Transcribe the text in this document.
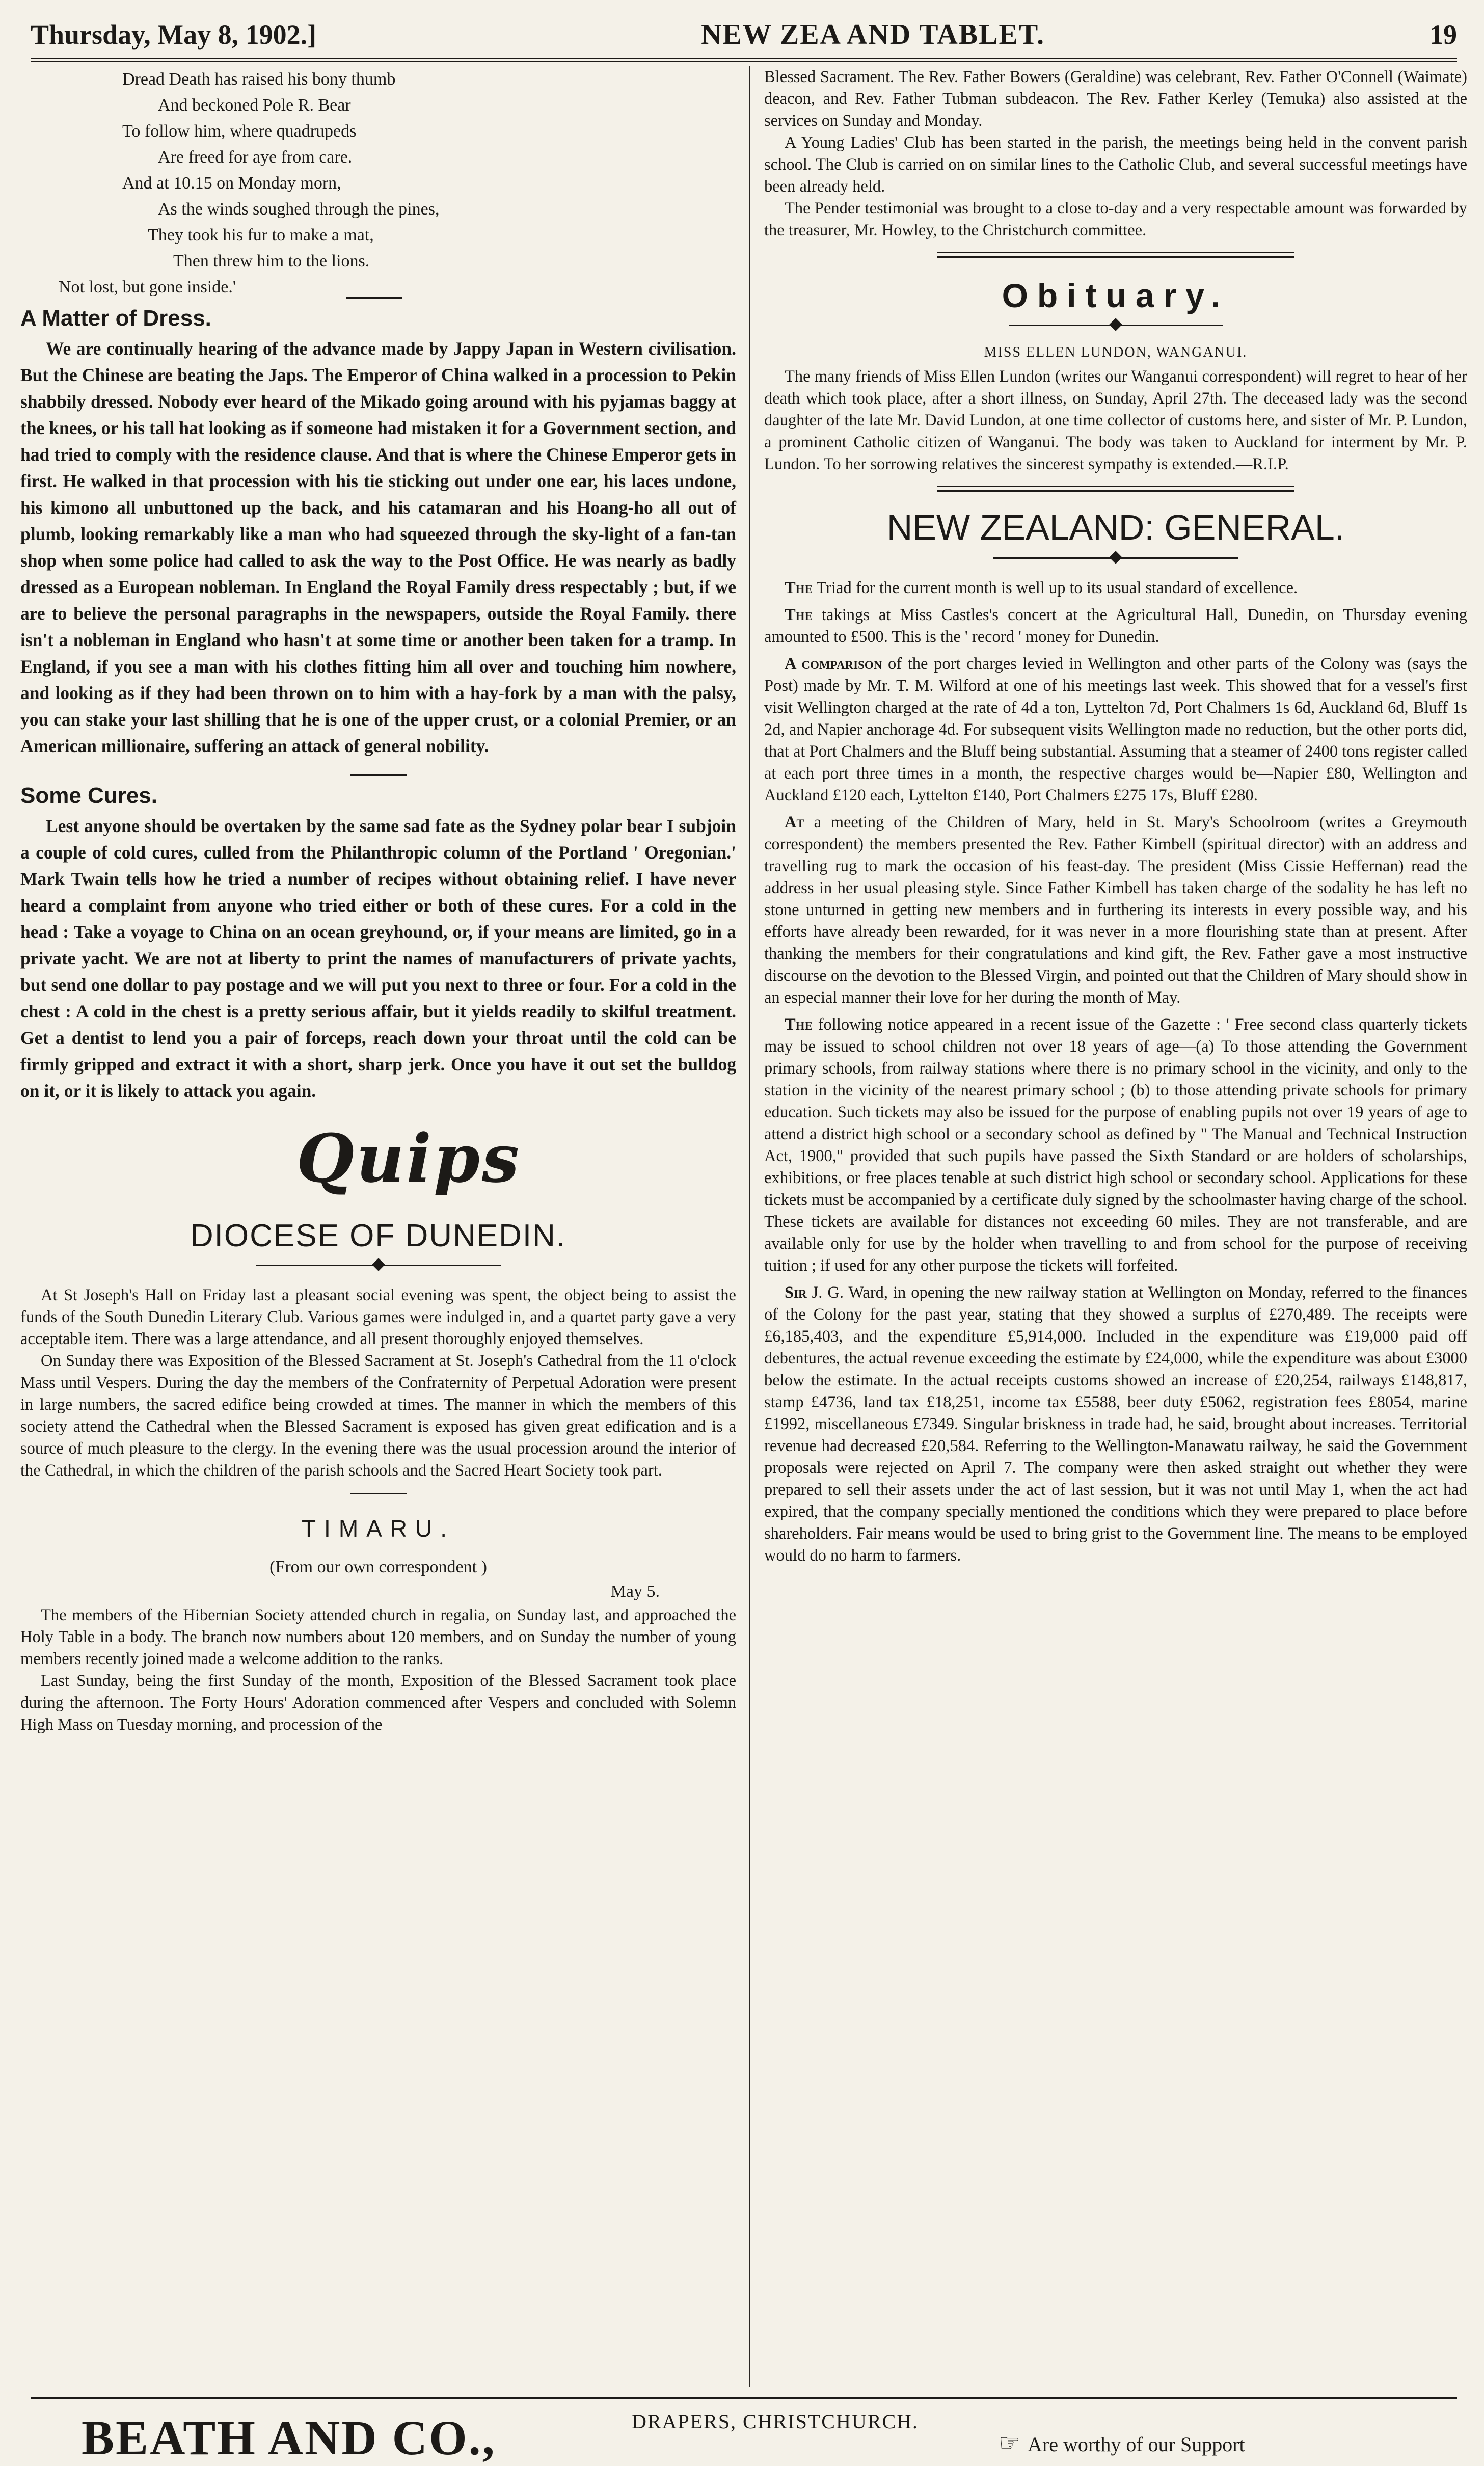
Thursday, May 8, 1902.]	NEW ZEA AND TABLET.	19

Dread Death has raised his bony thumb

And beckoned Pole R. Bear

To follow him, where quadrupeds

Are freed for aye from care.

And at 10.15 on Monday morn,

As the winds soughed through the pines,

They took his fur to make a mat,

Then threw him to the lions.

Not lost, but gone inside.'

A Matter of Dress.

We are continually hearing of the advance made by Jappy Japan in Western civilisation. But the Chinese are beating the Japs. The Emperor of China walked in a procession to Pekin shabbily dressed. Nobody ever heard of the Mikado going around with his pyjamas baggy at the knees, or his tall hat looking as if someone had mistaken it for a Government section, and had tried to comply with the residence clause. And that is where the Chinese Emperor gets in first. He walked in that procession with his tie sticking out under one ear, his laces undone, his kimono all unbuttoned up the back, and his catamaran and his Hoang-ho all out of plumb, looking remarkably like a man who had squeezed through the sky-light of a fan-tan shop when some police had called to ask the way to the Post Office. He was nearly as badly dressed as a European nobleman. In England the Royal Family dress respectably ; but, if we are to believe the personal paragraphs in the newspapers, outside the Royal Family. there isn't a nobleman in England who hasn't at some time or another been taken for a tramp. In England, if you see a man with his clothes fitting him all over and touching him nowhere, and looking as if they had been thrown on to him with a hay-fork by a man with the palsy, you can stake your last shilling that he is one of the upper crust, or a colonial Premier, or an American millionaire, suffering an attack of general nobility.

Some Cures.

Lest anyone should be overtaken by the same sad fate as the Sydney polar bear I subjoin a couple of cold cures, culled from the Philanthropic column of the Portland ' Oregonian.' Mark Twain tells how he tried a number of recipes without obtaining relief. I have never heard a complaint from anyone who tried either or both of these cures. For a cold in the head : Take a voyage to China on an ocean greyhound, or, if your means are limited, go in a private yacht. We are not at liberty to print the names of manufacturers of private yachts, but send one dollar to pay postage and we will put you next to three or four. For a cold in the chest : A cold in the chest is a pretty serious affair, but it yields readily to skilful treatment. Get a dentist to lend you a pair of forceps, reach down your throat until the cold can be firmly gripped and extract it with a short, sharp jerk. Once you have it out set the bulldog on it, or it is likely to attack you again.

Quips
DIOCESE OF DUNEDIN.

At St Joseph's Hall on Friday last a pleasant social evening was spent, the object being to assist the funds of the South Dunedin Literary Club. Various games were indulged in, and a quartet party gave a very acceptable item. There was a large attendance, and all present thoroughly enjoyed themselves.

On Sunday there was Exposition of the Blessed Sacrament at St. Joseph's Cathedral from the 11 o'clock Mass until Vespers. During the day the members of the Confraternity of Perpetual Adoration were present in large numbers, the sacred edifice being crowded at times. The manner in which the members of this society attend the Cathedral when the Blessed Sacrament is exposed has given great edification and is a source of much pleasure to the clergy. In the evening there was the usual procession around the interior of the Cathedral, in which the children of the parish schools and the Sacred Heart Society took part.

TIMARU.
(From our own correspondent )
May 5.

The members of the Hibernian Society attended church in regalia, on Sunday last, and approached the Holy Table in a body. The branch now numbers about 120 members, and on Sunday the number of young members recently joined made a welcome addition to the ranks.

Last Sunday, being the first Sunday of the month, Exposition of the Blessed Sacrament took place during the afternoon. The Forty Hours' Adoration commenced after Vespers and concluded with Solemn High Mass on Tuesday morning, and procession of the

Blessed Sacrament. The Rev. Father Bowers (Geraldine) was celebrant, Rev. Father O'Connell (Waimate) deacon, and Rev. Father Tubman subdeacon. The Rev. Father Kerley (Temuka) also assisted at the services on Sunday and Monday.

A Young Ladies' Club has been started in the parish, the meetings being held in the convent parish school. The Club is carried on on similar lines to the Catholic Club, and several successful meetings have been already held.

The Pender testimonial was brought to a close to-day and a very respectable amount was forwarded by the treasurer, Mr. Howley, to the Christchurch committee.

Obituary.
MISS ELLEN LUNDON, WANGANUI.

The many friends of Miss Ellen Lundon (writes our Wanganui correspondent) will regret to hear of her death which took place, after a short illness, on Sunday, April 27th. The deceased lady was the second daughter of the late Mr. David Lundon, at one time collector of customs here, and sister of Mr. P. Lundon, a prominent Catholic citizen of Wanganui. The body was taken to Auckland for interment by Mr. P. Lundon. To her sorrowing relatives the sincerest sympathy is extended.—R.I.P.

NEW ZEALAND: GENERAL.

The Triad for the current month is well up to its usual standard of excellence.

The takings at Miss Castles's concert at the Agricultural Hall, Dunedin, on Thursday evening amounted to £500. This is the ' record ' money for Dunedin.

A comparison of the port charges levied in Wellington and other parts of the Colony was (says the Post) made by Mr. T. M. Wilford at one of his meetings last week. This showed that for a vessel's first visit Wellington charged at the rate of 4d a ton, Lyttelton 7d, Port Chalmers 1s 6d, Auckland 6d, Bluff 1s 2d, and Napier anchorage 4d. For subsequent visits Wellington made no reduction, but the other ports did, that at Port Chalmers and the Bluff being substantial. Assuming that a steamer of 2400 tons register called at each port three times in a month, the respective charges would be—Napier £80, Wellington and Auckland £120 each, Lyttelton £140, Port Chalmers £275 17s, Bluff £280.

At a meeting of the Children of Mary, held in St. Mary's Schoolroom (writes a Greymouth correspondent) the members presented the Rev. Father Kimbell (spiritual director) with an address and travelling rug to mark the occasion of his feast-day. The president (Miss Cissie Heffernan) read the address in her usual pleasing style. Since Father Kimbell has taken charge of the sodality he has left no stone unturned in getting new members and in furthering its interests in every possible way, and his efforts have already been rewarded, for it was never in a more flourishing state than at present. After thanking the members for their congratulations and kind gift, the Rev. Father gave a most instructive discourse on the devotion to the Blessed Virgin, and pointed out that the Children of Mary should show in an especial manner their love for her during the month of May.

The following notice appeared in a recent issue of the Gazette : ' Free second class quarterly tickets may be issued to school children not over 18 years of age—(a) To those attending the Government primary schools, from railway stations where there is no primary school in the vicinity, and only to the station in the vicinity of the nearest primary school ; (b) to those attending private schools for primary education. Such tickets may also be issued for the purpose of enabling pupils not over 19 years of age to attend a district high school or a secondary school as defined by " The Manual and Technical Instruction Act, 1900," provided that such pupils have passed the Sixth Standard or are holders of scholarships, exhibitions, or free places tenable at such district high school or secondary school. Applications for these tickets must be accompanied by a certificate duly signed by the schoolmaster having charge of the school. These tickets are available for distances not exceeding 60 miles. They are not transferable, and are available only for use by the holder when travelling to and from school for the purpose of receiving tuition ; if used for any other purpose the tickets will forfeited.

Sir J. G. Ward, in opening the new railway station at Wellington on Monday, referred to the finances of the Colony for the past year, stating that they showed a surplus of £270,489. The receipts were £6,185,403, and the expenditure £5,914,000. Included in the expenditure was £19,000 paid off debentures, the actual revenue exceeding the estimate by £24,000, while the expenditure was about £3000 below the estimate. In the actual receipts customs showed an increase of £20,254, railways £148,817, stamp £4736, land tax £18,251, income tax £5588, beer duty £5062, registration fees £8054, marine £1992, miscellaneous £7349. Singular briskness in trade had, he said, brought about increases. Territorial revenue had decreased £20,584. Referring to the Wellington-Manawatu railway, he said the Government proposals were rejected on April 7. The company were then asked straight out whether they were prepared to sell their assets under the act of last session, but it was not until May 1, when the act had expired, that the company specially mentioned the conditions which they were prepared to place before shareholders. Fair means would be used to bring grist to the Government line. The means to be employed would do no harm to farmers.

BEATH AND CO.,	DRAPERS, CHRISTCHURCH.
☞ Are worthy of our Support
